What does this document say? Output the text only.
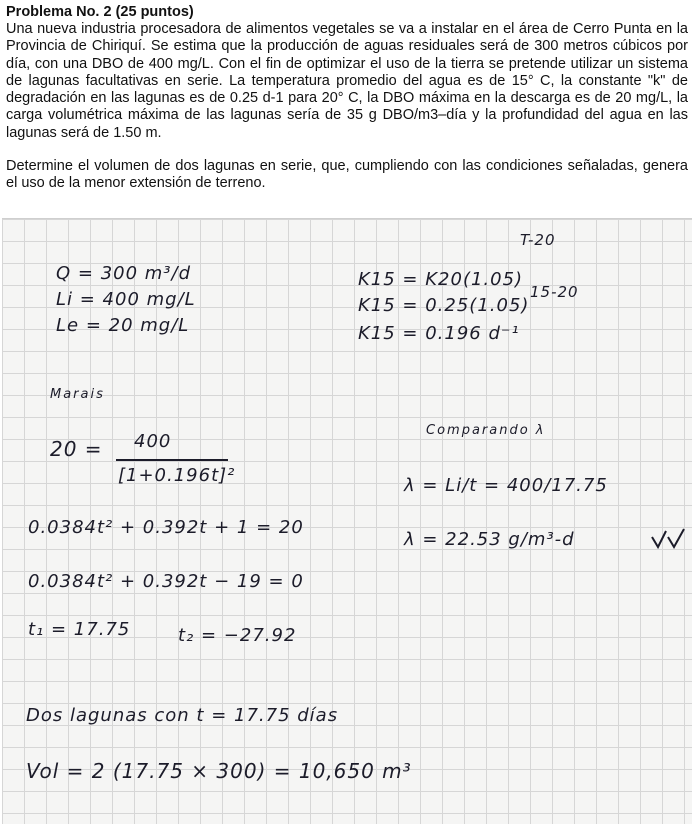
Problema No. 2 (25 puntos)
Una nueva industria procesadora de alimentos vegetales se va a instalar en el área de Cerro Punta en la Provincia de Chiriquí. Se estima que la producción de aguas residuales será de 300 metros cúbicos por día, con una DBO de 400 mg/L. Con el fin de optimizar el uso de la tierra se pretende utilizar un sistema de lagunas facultativas en serie. La temperatura promedio del agua es de 15° C, la constante "k" de degradación en las lagunas es de 0.25 d-1 para 20° C, la DBO máxima en la descarga es de 20 mg/L, la carga volumétrica máxima de las lagunas sería de 35 g DBO/m3–día y la profundidad del agua en las lagunas será de 1.50 m.
Determine el volumen de dos lagunas en serie, que, cumpliendo con las condiciones señaladas, genera el uso de la menor extensión de terreno.
Q = 300 m³/d
Li = 400 mg/L
Le = 20 mg/L
T-20
K15 = K20(1.05)
K15 = 0.25(1.05)
15-20
K15 = 0.196 d⁻¹
Marais
20 = 400
[1+0.196t]²
Comparando λ
λ = Li/t = 400/17.75
λ = 22.53 g/m³-d
0.0384t² + 0.392t + 1 = 20
0.0384t² + 0.392t − 19 = 0
t₁ = 17.75	t₂ = −27.92
Dos lagunas con t = 17.75 días
Vol = 2 (17.75 × 300) = 10,650 m³
